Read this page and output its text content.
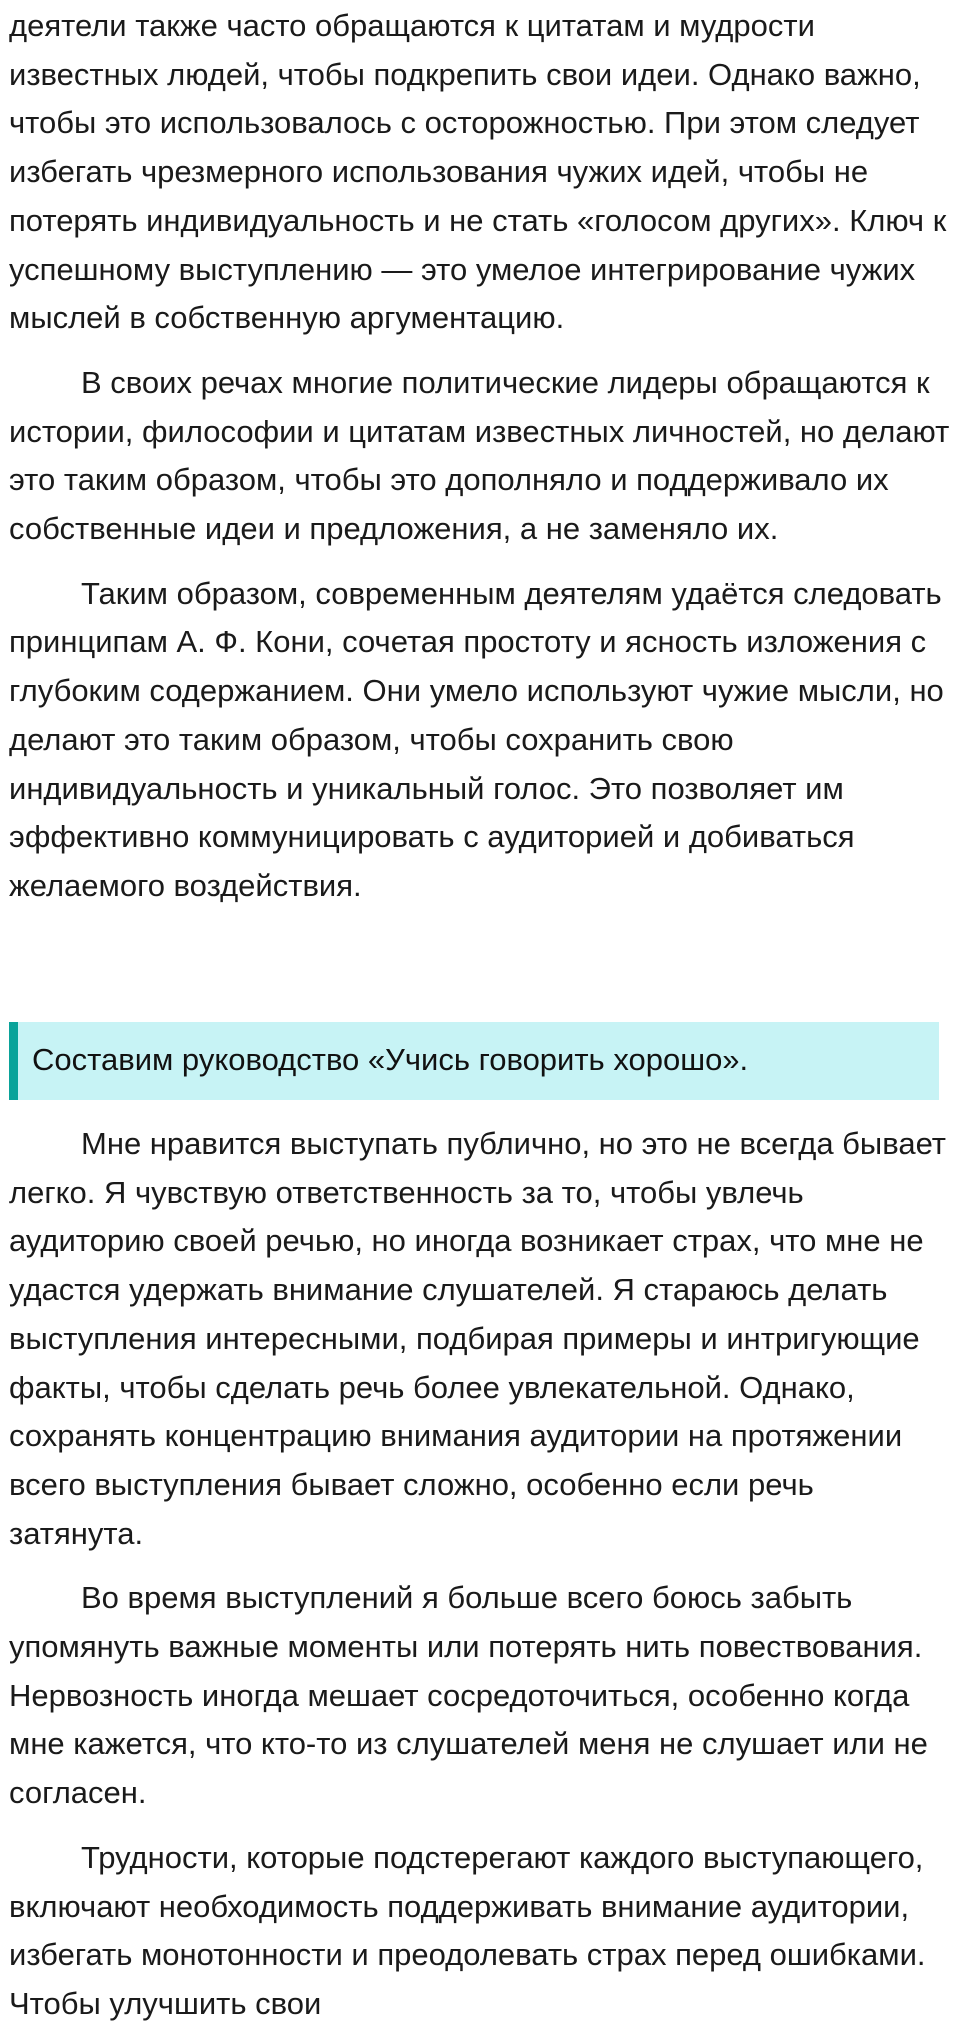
деятели также часто обращаются к цитатам и мудрости известных людей, чтобы подкрепить свои идеи. Однако важно, чтобы это использовалось с осторожностью. При этом следует избегать чрезмерного использования чужих идей, чтобы не потерять индивидуальность и не стать «голосом других». Ключ к успешному выступлению — это умелое интегрирование чужих мыслей в собственную аргументацию.

В своих речах многие политические лидеры обращаются к истории, философии и цитатам известных личностей, но делают это таким образом, чтобы это дополняло и поддерживало их собственные идеи и предложения, а не заменяло их.

Таким образом, современным деятелям удаётся следовать принципам А. Ф. Кони, сочетая простоту и ясность изложения с глубоким содержанием. Они умело используют чужие мысли, но делают это таким образом, чтобы сохранить свою индивидуальность и уникальный голос. Это позволяет им эффективно коммуницировать с аудиторией и добиваться желаемого воздействия.

Составим руководство «Учись говорить хорошо».

Мне нравится выступать публично, но это не всегда бывает легко. Я чувствую ответственность за то, чтобы увлечь аудиторию своей речью, но иногда возникает страх, что мне не удастся удержать внимание слушателей. Я стараюсь делать выступления интересными, подбирая примеры и интригующие факты, чтобы сделать речь более увлекательной. Однако, сохранять концентрацию внимания аудитории на протяжении всего выступления бывает сложно, особенно если речь затянута.

Во время выступлений я больше всего боюсь забыть упомянуть важные моменты или потерять нить повествования. Нервозность иногда мешает сосредоточиться, особенно когда мне кажется, что кто-то из слушателей меня не слушает или не согласен.

Трудности, которые подстерегают каждого выступающего, включают необходимость поддерживать внимание аудитории, избегать монотонности и преодолевать страх перед ошибками. Чтобы улучшить свои
